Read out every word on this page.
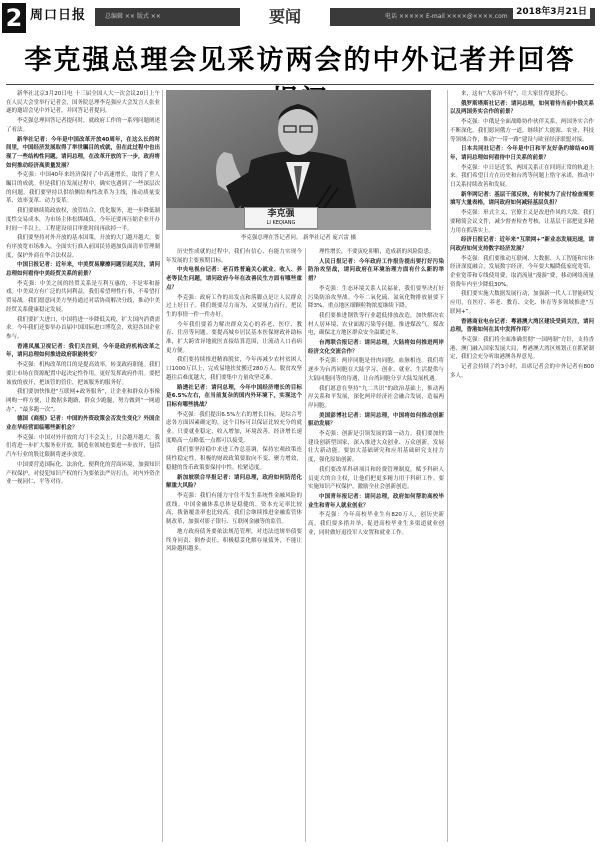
2 周口日报	总编辑 ×× 版式 ××	要闻	电话 ××××× E-mail ××××@××××.com 2018年3月21日
李克强总理会见采访两会的中外记者并回答
李克强
LI KEQIANG
李克强总理在答记者问。 新华社记者 庞兴雷 摄

新华社北京3月20日电 十三届全国人大一次会议20日上午在人民大会堂举行记者会，国务院总理李克强应大会发言人张业遂的邀请会见中外记者，并回答记者提问。

李克强总理回答记者提问时，就政府工作的一系列问题阐述了看法。

新华社记者：今年是中国改革开放40周年，在这么长的时间里，中国经济发展取得了举世瞩目的成就，但在此过程中也出现了一些结构性问题。请问总理，在改革开放的下一步，政府将如何推动经济高质量发展？

李克强：中国40年来经济保持了中高速增长，取得了世人瞩目的成就。但是我们在发展过程中，确实也遇到了一些深层次的问题。我们要坚持以供给侧结构性改革为主线，推动质量变革、效率变革、动力变革。

我们要继续简政放权，放管结合，优化服务，进一步降低制度性交易成本，为市场主体松绑减负。今年还要再压缩企业开办时间一半以上，工程建设项目审批时间再砍掉一半。

我们要坚持对外开放的基本国策，开放的大门越开越大。要有序放宽市场准入，全面实行准入前国民待遇加负面清单管理制度，保护外商在华合法权益。

中国日报记者：近年来，中美贸易摩擦问题引起关注，请问总理如何看待中美经贸关系的前景？

李克强：中美之间的经贸关系是互利互惠的，不是零和游戏。中美双方有广泛的共同利益，我们希望理性行事，不希望打贸易战。我们愿意同美方坚持通过对话协商解决分歧，推动中美经贸关系健康稳定发展。

我们要扩大进口，中国将进一步降低关税，扩大国内消费需求。今年我们还要举办首届中国国际进口博览会，欢迎各国企业参与。

香港凤凰卫视记者：我们关注到，今年是政府机构改革之年，请问总理如何推进政府职能转变？

李克强：机构改革的目的是提高效率，转变政府职能。我们要让市场在资源配置中起决定性作用，更好发挥政府作用。要把该放的放开，把该管的管住，把该服务的服务好。

我们要加快推进“互联网+政务服务”，让企业和群众办事像网购一样方便，让数据多跑路，群众少跑腿，努力做到“一网通办”，“最多跑一次”。

德国《商报》记者：中国的外资政策会否发生变化？外国企业在华经营面临哪些新机会？

李克强：中国对外开放的大门不会关上，只会越开越大。我们将进一步扩大服务业开放，制造业领域也要进一步放开，包括汽车行业的股比限制将逐步放宽。

中国要营造国际化、法治化、便利化的营商环境，加强知识产权保护，对侵犯知识产权的行为要依法严厉打击，对内外资企业一视同仁、平等对待。

历史性成就的过程中，我们有信心、有能力实现今年发展的主要预期目标。

中央电视台记者：老百姓普遍关心就业、收入、养老等民生问题，请问政府今年在改善民生方面有哪些重点？

李克强：政府工作的出发点和落脚点是让人民群众过上好日子。我们既要尽力而为，又要量力而行，把民生的事情一件一件办好。

今年我们要着力解决群众关心的养老、医疗、教育、住房等问题。要提高城乡居民基本医保财政补助标准，扩大跨省异地就医直接结算范围，让流动人口看病更方便。

我们要持续推进精准脱贫，今年再减少农村贫困人口1000万以上，完成易地扶贫搬迁280万人。脱贫攻坚越往后难度越大，我们要集中力量攻坚克难。

路透社记者：请问总理，今年中国经济增长的目标是6.5%左右，在当前复杂的国内外环境下，实现这个目标有哪些挑战？

李克强：我们提出6.5%左右的增长目标，是综合考虑各方面因素确定的，这个目标可以保证比较充分的就业。只要就业稳定，收入增加，环境改善，经济增长速度略高一点略低一点都可以接受。

我们要坚持稳中求进工作总基调，保持宏观政策连续性稳定性，积极的财政政策要取向不变、聚力增效，稳健的货币政策要保持中性，松紧适度。

新加坡联合早报记者：请问总理，政府如何防范化解重大风险？

李克强：我们有能力守住不发生系统性金融风险的底线。中国金融体系总体是稳健的，资本充足率比较高，拨备覆盖率也比较高。我们会继续推进金融监管体制改革，加强对影子银行、互联网金融等的监管。

地方政府债务要依法规范管理，对违法违规举债要终身问责、倒查责任，积极稳妥化解存量债务，不能让风险越积越多。

理性增长，不要寅吃卯粮，造成新的风险隐患。

人民日报记者：今年政府工作报告提出要打好污染防治攻坚战，请问政府在环境治理方面有什么新的举措？

李克强：生态环境关系人民福祉，我们要坚决打好污染防治攻坚战。今年二氧化硫、氮氧化物排放量要下降3%，重点地区细颗粒物浓度继续下降。

我们要推进钢铁等行业超低排放改造，加快解决农村人居环境、农业面源污染等问题，推进煤改气、煤改电，确保北方地区群众安全温暖过冬。

台湾联合报记者：请问总理，大陆将如何推进两岸经济文化交流合作？

李克强：两岸同胞是骨肉同胞，血脉相连。我们将逐步为台湾同胞在大陆学习、创业、就业、生活提供与大陆同胞同等的待遇，让台湾同胞分享大陆发展机遇。

我们愿意在坚持“九二共识”的政治基础上，推动两岸关系和平发展，深化两岸经济社会融合发展，造福两岸同胞。

美国彭博社记者：请问总理，中国将如何推动创新驱动发展？

李克强：创新是引领发展的第一动力。我们要加快建设创新型国家，深入推进大众创业、万众创新，发展壮大新动能。要加大基础研究和应用基础研究支持力度，强化原始创新。

我们要改革科研项目和经费管理制度，赋予科研人员更大的自主权，让他们把更多精力用于科研工作。要实施知识产权保护，激励全社会创新创造。

中国青年报记者：请问总理，政府如何帮助高校毕业生和青年人就业创业？

李克强：今年高校毕业生有820万人，创历史新高。我们要多措并举，促进高校毕业生多渠道就业创业，同时做好退役军人安置和就业工作。

来，这有“大家治不好”，让大家住得更舒心。

俄罗斯塔斯社记者：请问总理，如何看待当前中俄关系以及两国务实合作的前景？

李克强：中俄是全面战略协作伙伴关系，两国务实合作不断深化。我们愿同俄方一道，继续扩大能源、农业、科技等领域合作，推动“一带一路”建设与欧亚经济联盟对接。

日本共同社记者：今年是中日和平友好条约缔结40周年，请问总理如何看待中日关系的前景？

李克强：中日是近邻，两国关系正在回到正常的轨道上来。我们希望日方在历史和台湾等问题上恪守承诺，推动中日关系持续改善和发展。

新华网记者：基层干部反映，有时候为了应付检查需要填写大量表格，请问政府如何减轻基层负担？

李克强：形式主义、官僚主义是改进作风的大敌。我们要精简会议文件，减少督查检查考核，让基层干部把更多精力用在抓落实上。

经济日报记者：近年来“互联网+”新业态发展迅速，请问政府如何支持数字经济发展？

李克强：我们要推动互联网、大数据、人工智能和实体经济深度融合，发展数字经济。今年要大幅降低家庭宽带、企业宽带和专线使用费，取消流量“漫游”费，移动网络流量资费年内至少降低30%。

我们要实施大数据发展行动，加强新一代人工智能研发应用，在医疗、养老、教育、文化、体育等多领域推进“互联网+”。

香港商业电台记者：粤港澳大湾区建设受到关注，请问总理，香港如何在其中发挥作用？

李克强：我们将全面准确贯彻“一国两制”方针，支持香港、澳门融入国家发展大局，粤港澳大湾区规划正在抓紧制定，我们会充分听取港澳各界意见。

记者会持续了约3小时，出席记者会的中外记者有800多人。
